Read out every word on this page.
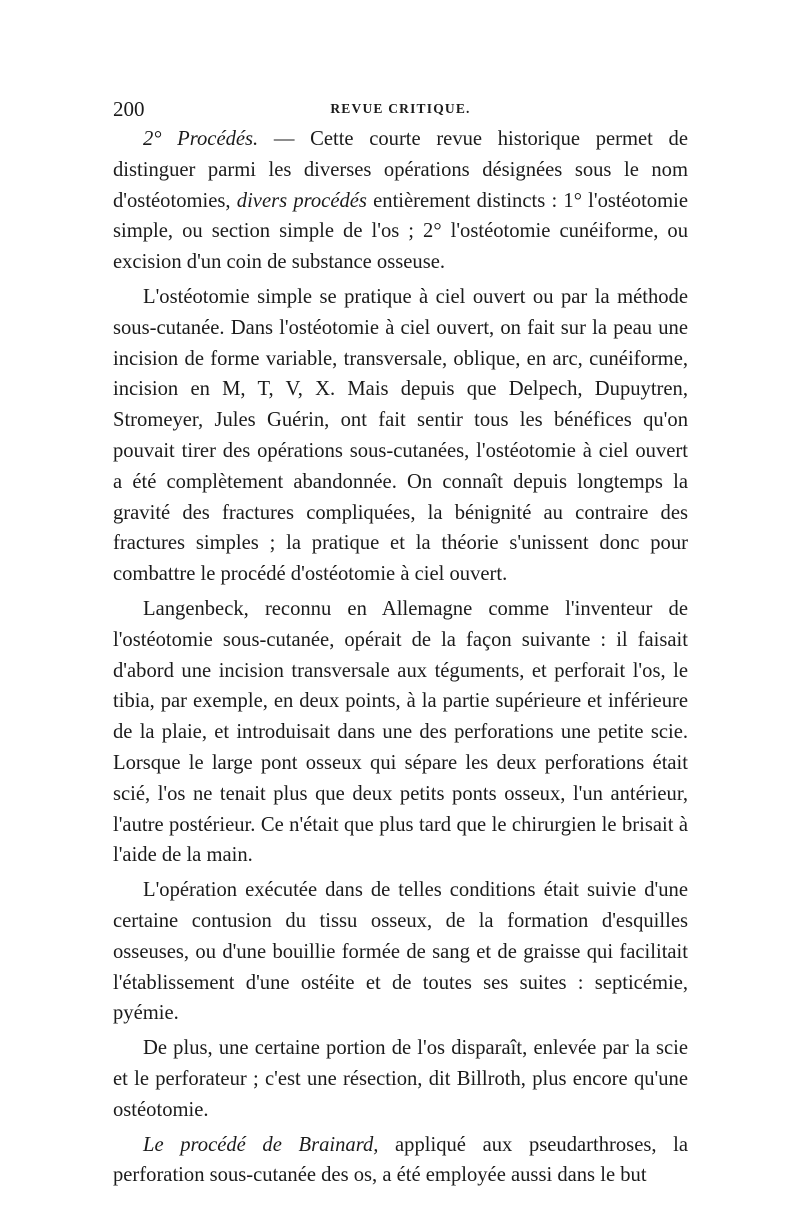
200	REVUE CRITIQUE.

2° Procédés. — Cette courte revue historique permet de distinguer parmi les diverses opérations désignées sous le nom d'ostéotomies, divers procédés entièrement distincts : 1° l'ostéotomie simple, ou section simple de l'os ; 2° l'ostéotomie cunéiforme, ou excision d'un coin de substance osseuse.

L'ostéotomie simple se pratique à ciel ouvert ou par la méthode sous-cutanée. Dans l'ostéotomie à ciel ouvert, on fait sur la peau une incision de forme variable, transversale, oblique, en arc, cunéiforme, incision en M, T, V, X. Mais depuis que Delpech, Dupuytren, Stromeyer, Jules Guérin, ont fait sentir tous les bénéfices qu'on pouvait tirer des opérations sous-cutanées, l'ostéotomie à ciel ouvert a été complètement abandonnée. On connaît depuis longtemps la gravité des fractures compliquées, la bénignité au contraire des fractures simples ; la pratique et la théorie s'unissent donc pour combattre le procédé d'ostéotomie à ciel ouvert.

Langenbeck, reconnu en Allemagne comme l'inventeur de l'ostéotomie sous-cutanée, opérait de la façon suivante : il faisait d'abord une incision transversale aux téguments, et perforait l'os, le tibia, par exemple, en deux points, à la partie supérieure et inférieure de la plaie, et introduisait dans une des perforations une petite scie. Lorsque le large pont osseux qui sépare les deux perforations était scié, l'os ne tenait plus que deux petits ponts osseux, l'un antérieur, l'autre postérieur. Ce n'était que plus tard que le chirurgien le brisait à l'aide de la main.

L'opération exécutée dans de telles conditions était suivie d'une certaine contusion du tissu osseux, de la formation d'esquilles osseuses, ou d'une bouillie formée de sang et de graisse qui facilitait l'établissement d'une ostéite et de toutes ses suites : septicémie, pyémie.

De plus, une certaine portion de l'os disparaît, enlevée par la scie et le perforateur ; c'est une résection, dit Billroth, plus encore qu'une ostéotomie.

Le procédé de Brainard, appliqué aux pseudarthroses, la perforation sous-cutanée des os, a été employée aussi dans le but
